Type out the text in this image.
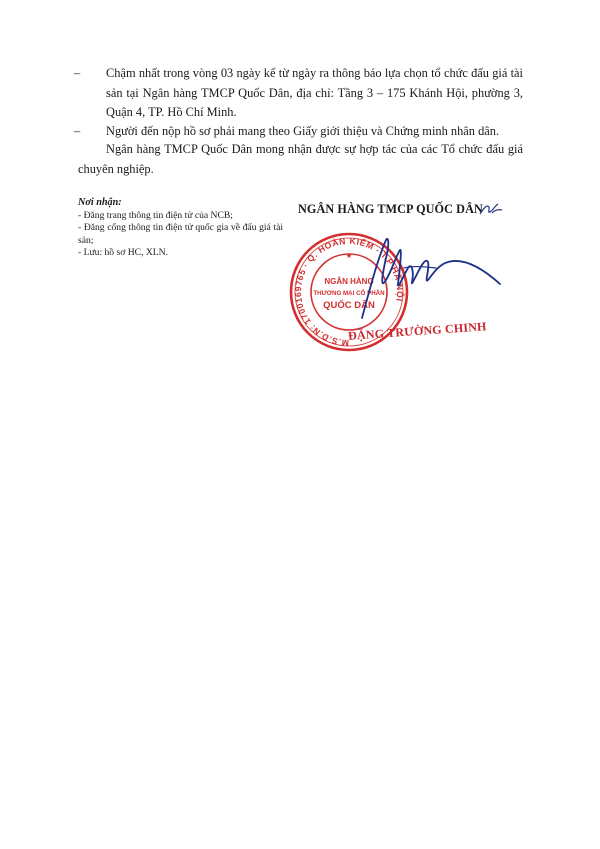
–	Chậm nhất trong vòng 03 ngày kể từ ngày ra thông báo lựa chọn tổ chức đấu giá tài sản tại Ngân hàng TMCP Quốc Dân, địa chỉ: Tầng 3 – 175 Khánh Hội, phường 3, Quận 4, TP. Hồ Chí Minh.
–	Người đến nộp hồ sơ phải mang theo Giấy giới thiệu và Chứng minh nhân dân.
Ngân hàng TMCP Quốc Dân mong nhận được sự hợp tác của các Tổ chức đấu giá chuyên nghiệp.
Nơi nhận:
- Đăng trang thông tin điện tử của NCB;
- Đăng cổng thông tin điện tử quốc gia về đấu giá tài sản;
- Lưu: hồ sơ HC, XLN.
NGÂN HÀNG TMCP QUỐC DÂN
M.S.D.N: 1700169765 · Q. HOÀN KIẾM - T.P HÀ NỘI
NGÂN HÀNG
THƯƠNG MẠI CỔ PHẦN
QUỐC DÂN
★
ĐẶNG TRƯỜNG CHINH
